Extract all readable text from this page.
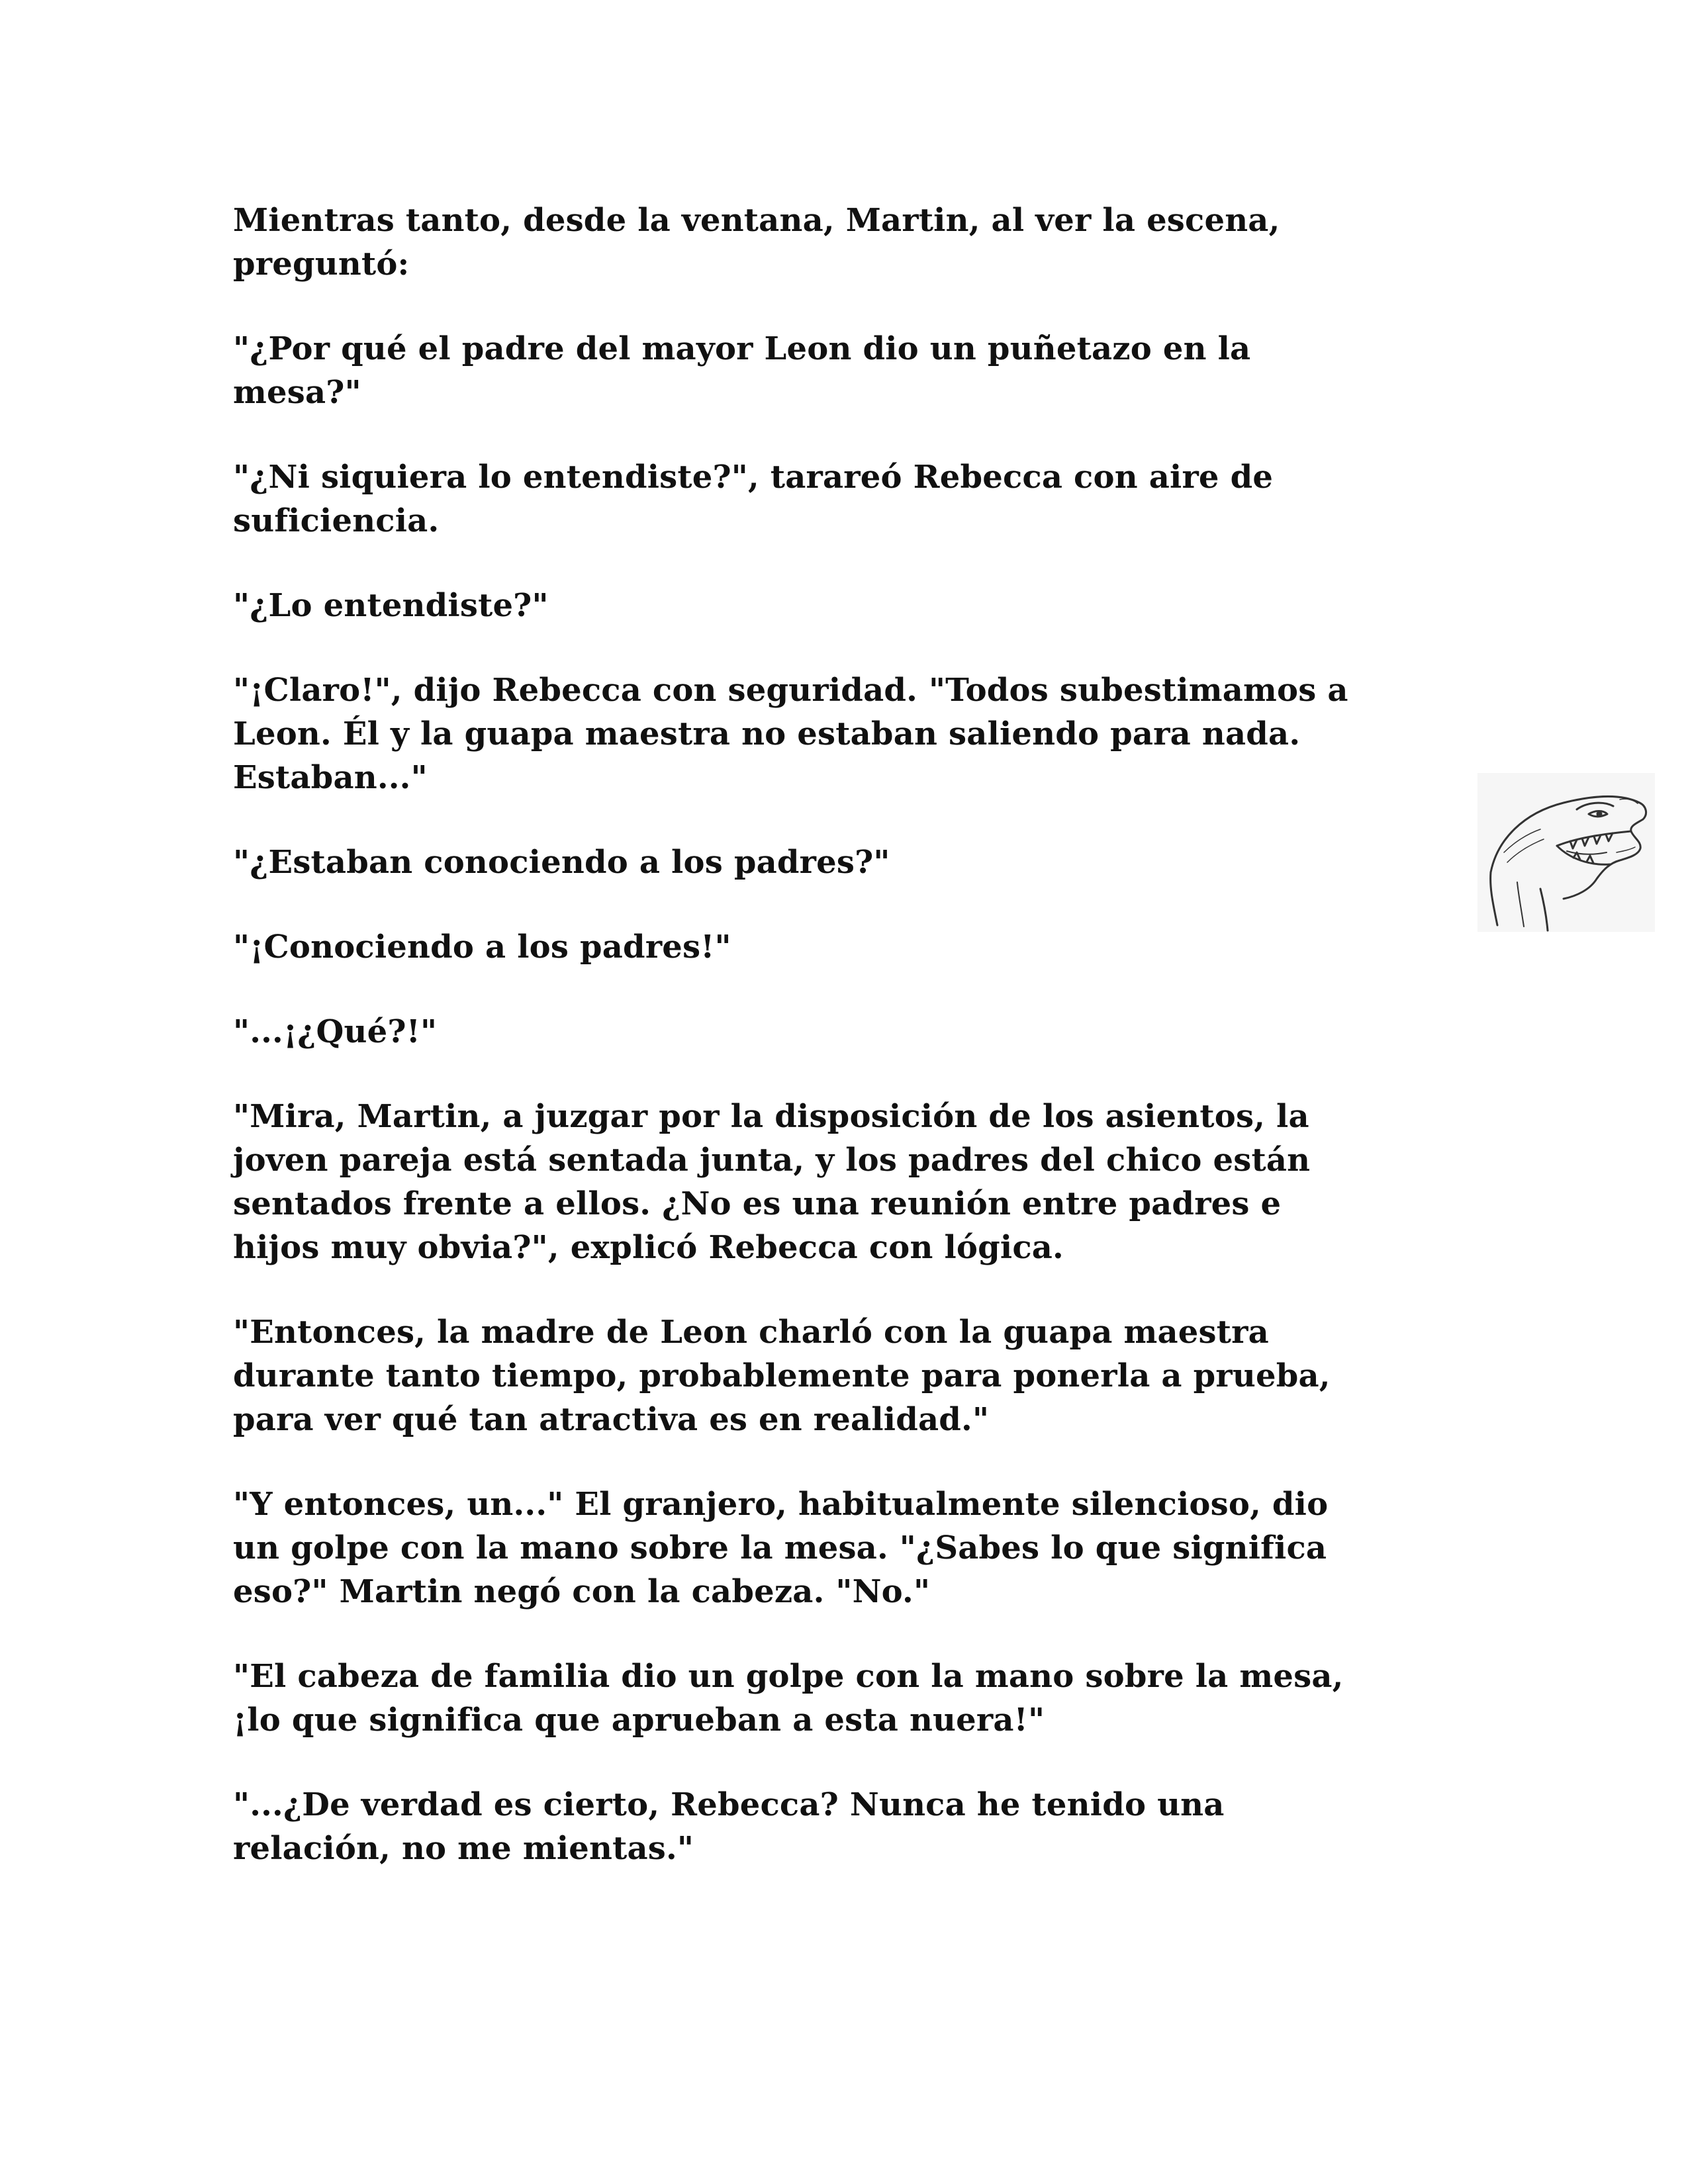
Mientras tanto, desde la ventana, Martin, al ver la escena,
preguntó:

"¿Por qué el padre del mayor Leon dio un puñetazo en la
mesa?"

"¿Ni siquiera lo entendiste?", tarareó Rebecca con aire de
suficiencia.

"¿Lo entendiste?"

"¡Claro!", dijo Rebecca con seguridad. "Todos subestimamos a
Leon. Él y la guapa maestra no estaban saliendo para nada.
Estaban..."

"¿Estaban conociendo a los padres?"

"¡Conociendo a los padres!"

"...¡¿Qué?!"

"Mira, Martin, a juzgar por la disposición de los asientos, la
joven pareja está sentada junta, y los padres del chico están
sentados frente a ellos. ¿No es una reunión entre padres e
hijos muy obvia?", explicó Rebecca con lógica.

"Entonces, la madre de Leon charló con la guapa maestra
durante tanto tiempo, probablemente para ponerla a prueba,
para ver qué tan atractiva es en realidad."

"Y entonces, un..." El granjero, habitualmente silencioso, dio
un golpe con la mano sobre la mesa. "¿Sabes lo que significa
eso?" Martin negó con la cabeza. "No."

"El cabeza de familia dio un golpe con la mano sobre la mesa,
¡lo que significa que aprueban a esta nuera!"

"...¿De verdad es cierto, Rebecca? Nunca he tenido una
relación, no me mientas."
